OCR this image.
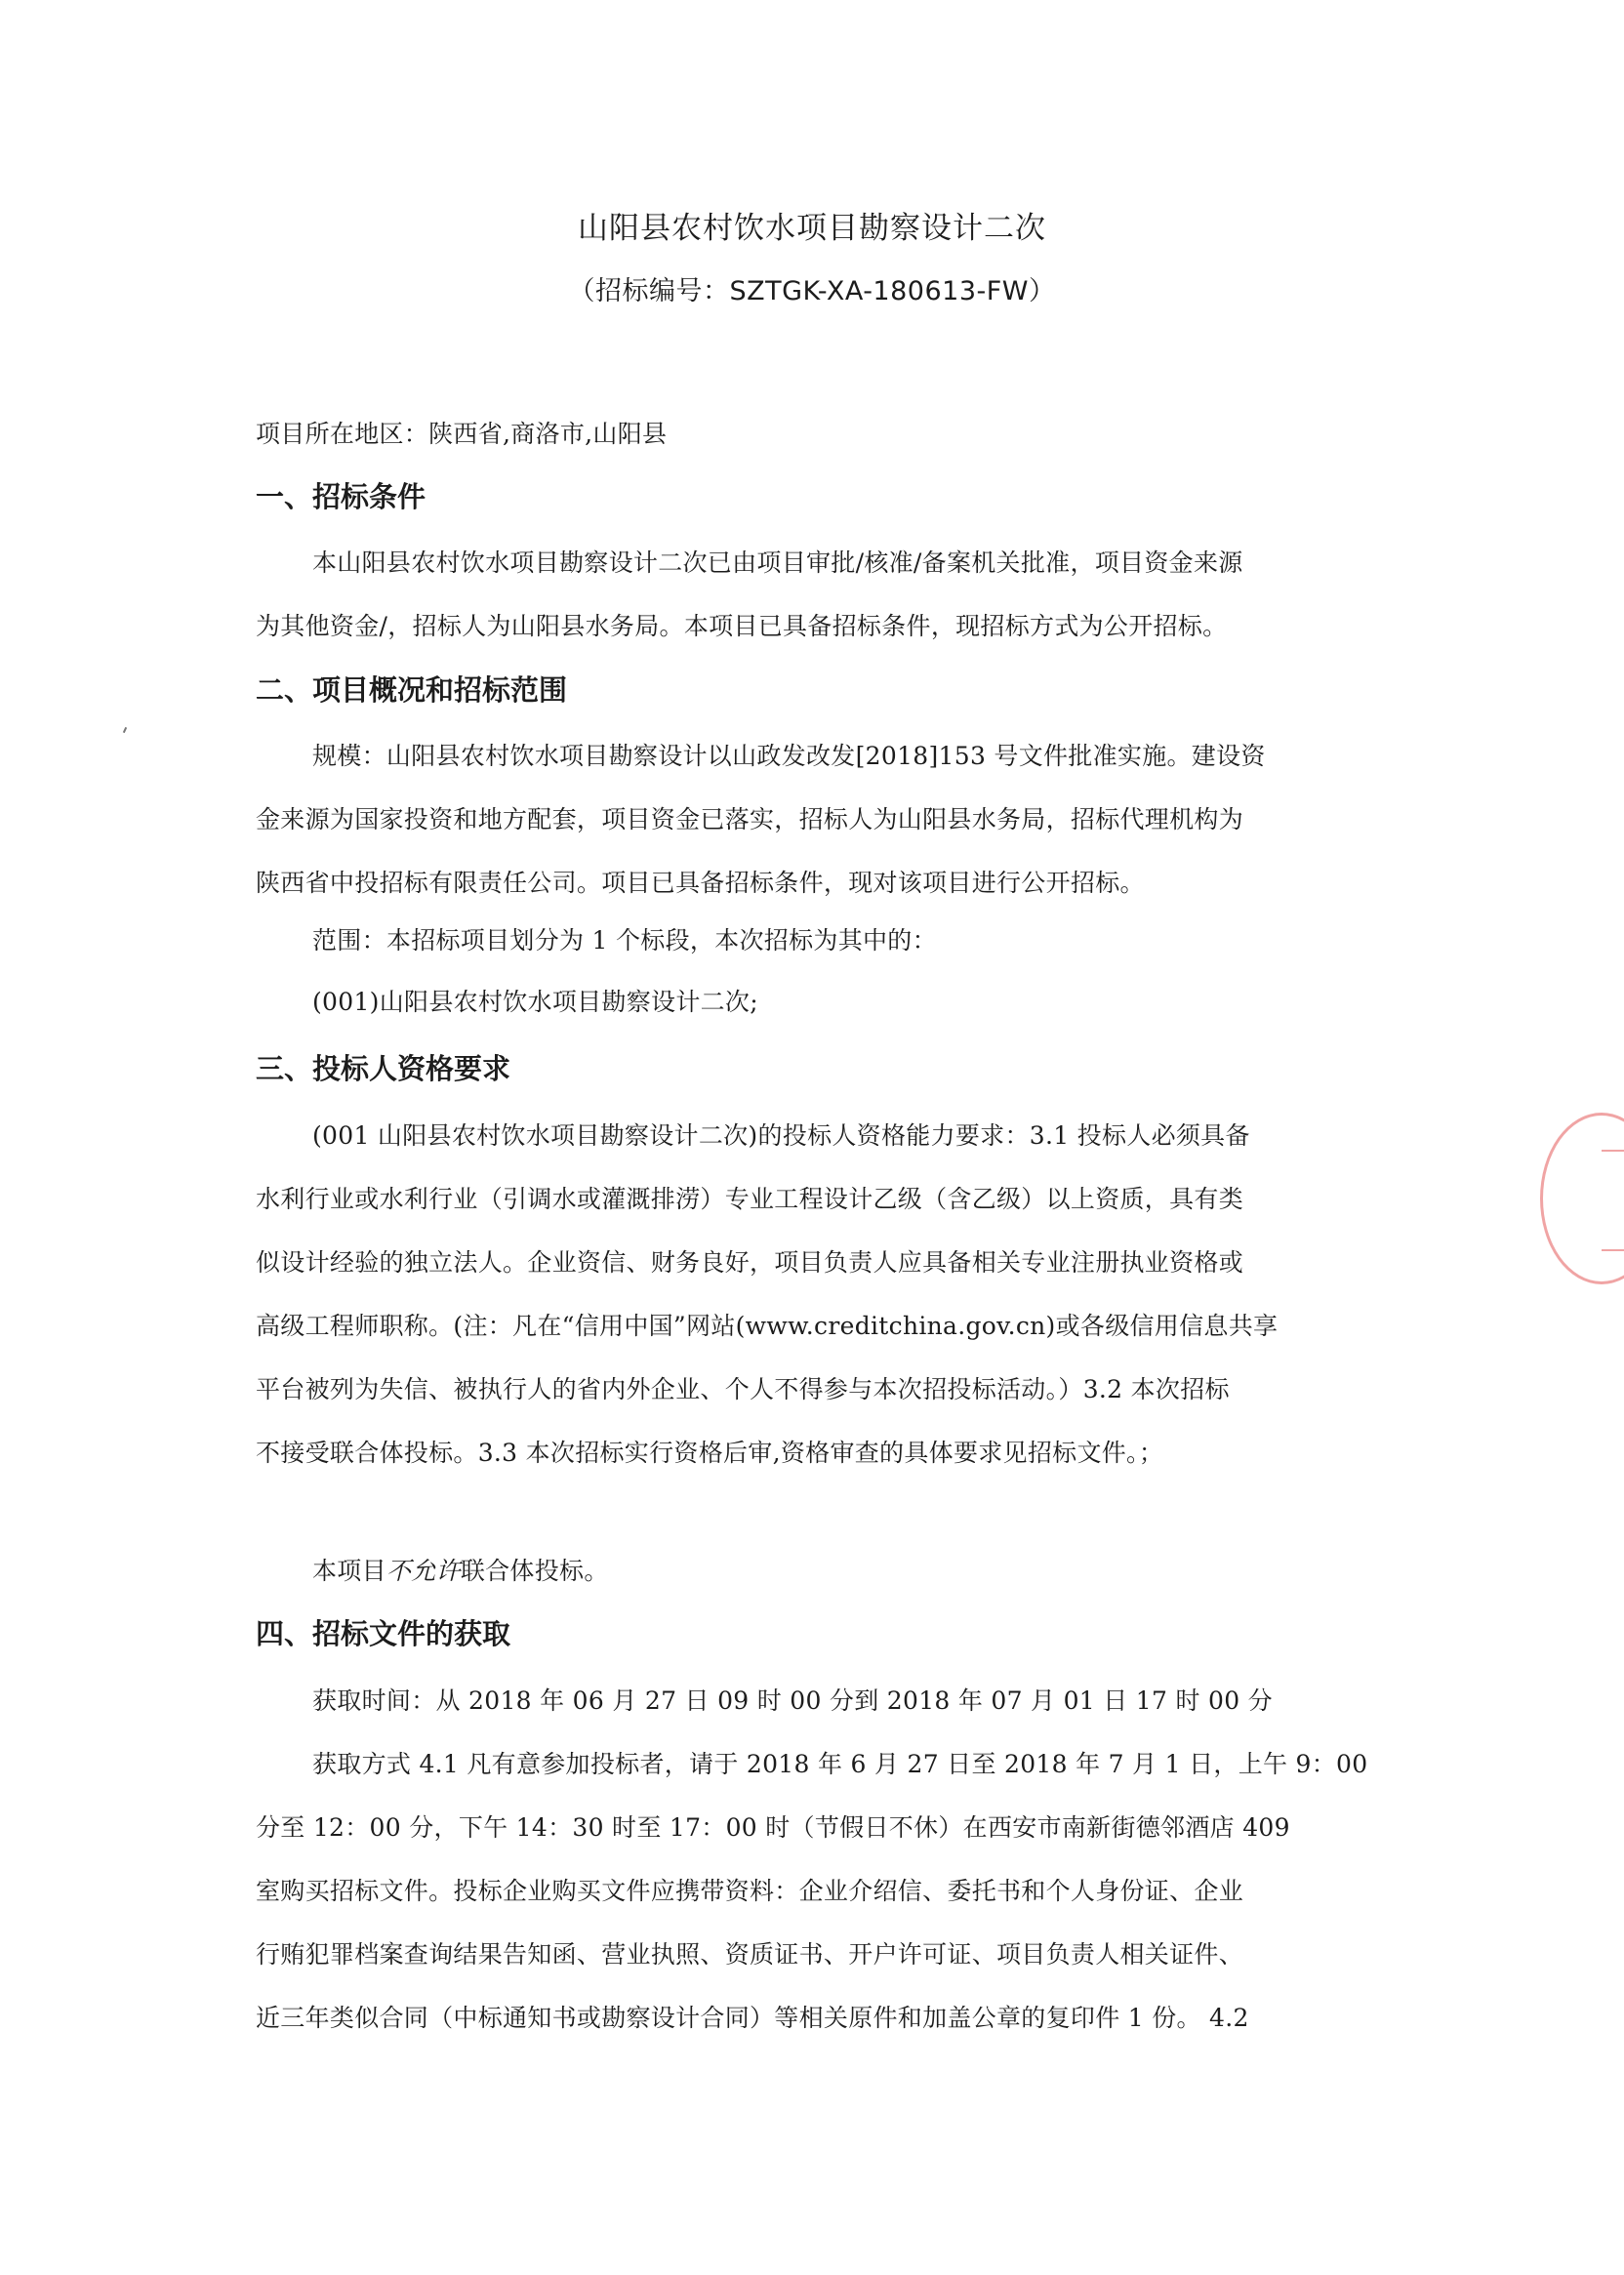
山阳县农村饮水项目勘察设计二次
（招标编号：SZTGK-XA-180613-FW）
项目所在地区：陕西省,商洛市,山阳县
一、招标条件
本山阳县农村饮水项目勘察设计二次已由项目审批/核准/备案机关批准，项目资金来源
为其他资金/，招标人为山阳县水务局。本项目已具备招标条件，现招标方式为公开招标。
二、项目概况和招标范围
规模：山阳县农村饮水项目勘察设计以山政发改发[2018]153 号文件批准实施。建设资
金来源为国家投资和地方配套，项目资金已落实，招标人为山阳县水务局，招标代理机构为
陕西省中投招标有限责任公司。项目已具备招标条件，现对该项目进行公开招标。
范围：本招标项目划分为 1 个标段，本次招标为其中的：
(001)山阳县农村饮水项目勘察设计二次;
三、投标人资格要求
(001 山阳县农村饮水项目勘察设计二次)的投标人资格能力要求：3.1 投标人必须具备
水利行业或水利行业（引调水或灌溉排涝）专业工程设计乙级（含乙级）以上资质，具有类
似设计经验的独立法人。企业资信、财务良好，项目负责人应具备相关专业注册执业资格或
高级工程师职称。(注：凡在“信用中国”网站(www.creditchina.gov.cn)或各级信用信息共享
平台被列为失信、被执行人的省内外企业、个人不得参与本次招投标活动。）3.2 本次招标
不接受联合体投标。3.3 本次招标实行资格后审,资格审查的具体要求见招标文件。；
本项目不允许联合体投标。
四、招标文件的获取
获取时间：从 2018 年 06 月 27 日 09 时 00 分到 2018 年 07 月 01 日 17 时 00 分
获取方式 4.1 凡有意参加投标者，请于 2018 年 6 月 27 日至 2018 年 7 月 1 日，上午 9：00
分至 12：00 分，下午 14：30 时至 17：00 时（节假日不休）在西安市南新街德邻酒店 409
室购买招标文件。投标企业购买文件应携带资料：企业介绍信、委托书和个人身份证、企业
行贿犯罪档案查询结果告知函、营业执照、资质证书、开户许可证、项目负责人相关证件、
近三年类似合同（中标通知书或勘察设计合同）等相关原件和加盖公章的复印件 1 份。 4.2
